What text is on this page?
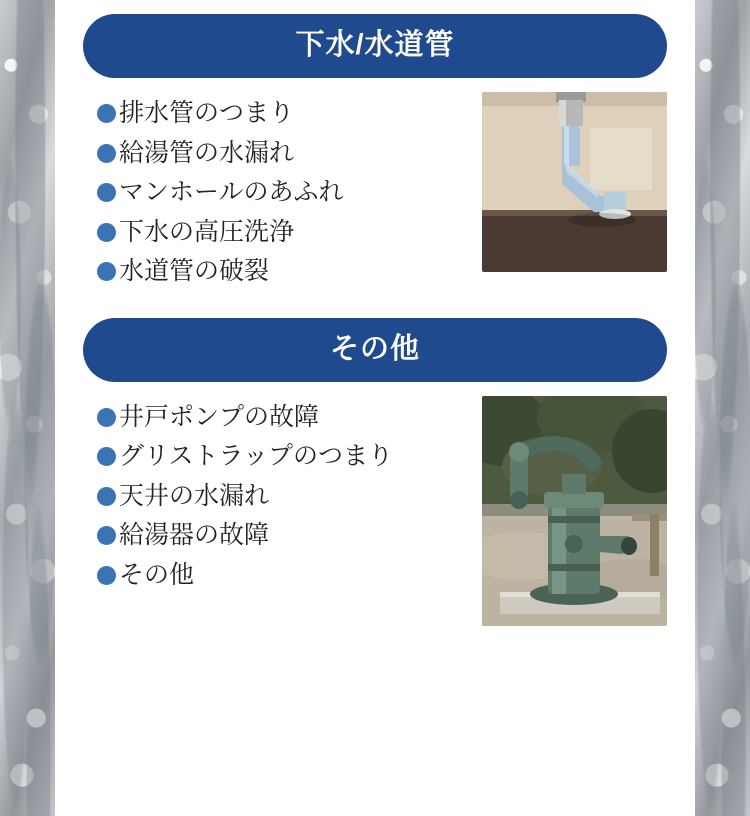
下水/水道管
排水管のつまり
給湯管の水漏れ
マンホールのあふれ
下水の高圧洗浄
水道管の破裂
その他
井戸ポンプの故障
グリストラップのつまり
天井の水漏れ
給湯器の故障
その他
